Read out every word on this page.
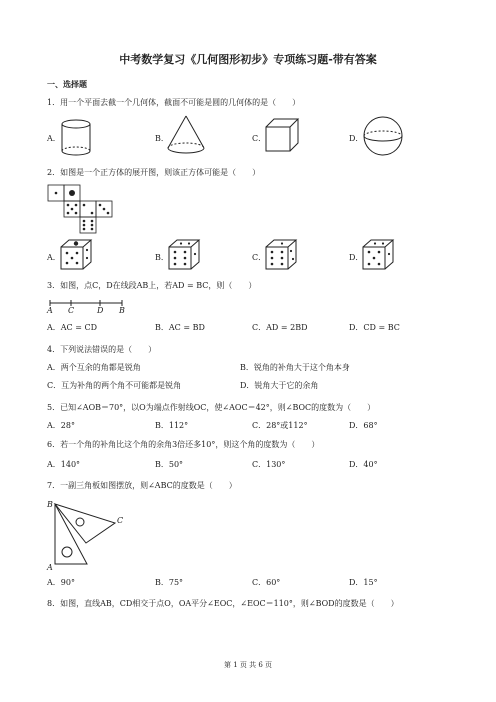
中考数学复习《几何图形初步》专项练习题-带有答案
一、选择题
1．用一个平面去截一个几何体，截面不可能是圆的几何体的是（　　）
A．	B．	C．	D．
2．如图是一个正方体的展开图，则该正方体可能是（　　）
A．	B．	C．	D．
3．如图，点C，D在线段AB上，若AD = BC，则（　　）
A C	D B
A．AC = CD	B．AC = BD	C．AD = 2BD	D．CD = BC
4．下列说法错误的是（　　）
A．两个互余的角都是锐角	B．锐角的补角大于这个角本身
C．互为补角的两个角不可能都是锐角	D．锐角大于它的余角
5．已知∠AOB＝70°，以O为端点作射线OC，使∠AOC＝42°，则∠BOC的度数为（　　）
A．28°	B．112°	C．28°或112°	D．68°
6．若一个角的补角比这个角的余角3倍还多10°，则这个角的度数为（　　）
A．140°	B．50°	C．130°	D．40°
7．一副三角板如图摆放，则∠ABC的度数是（　　）
B
C
A
A．90°	B．75°	C．60°	D．15°
8．如图，直线AB，CD相交于点O，OA平分∠EOC，∠EOC＝110°，则∠BOD的度数是（　　）
第 1 页 共 6 页
